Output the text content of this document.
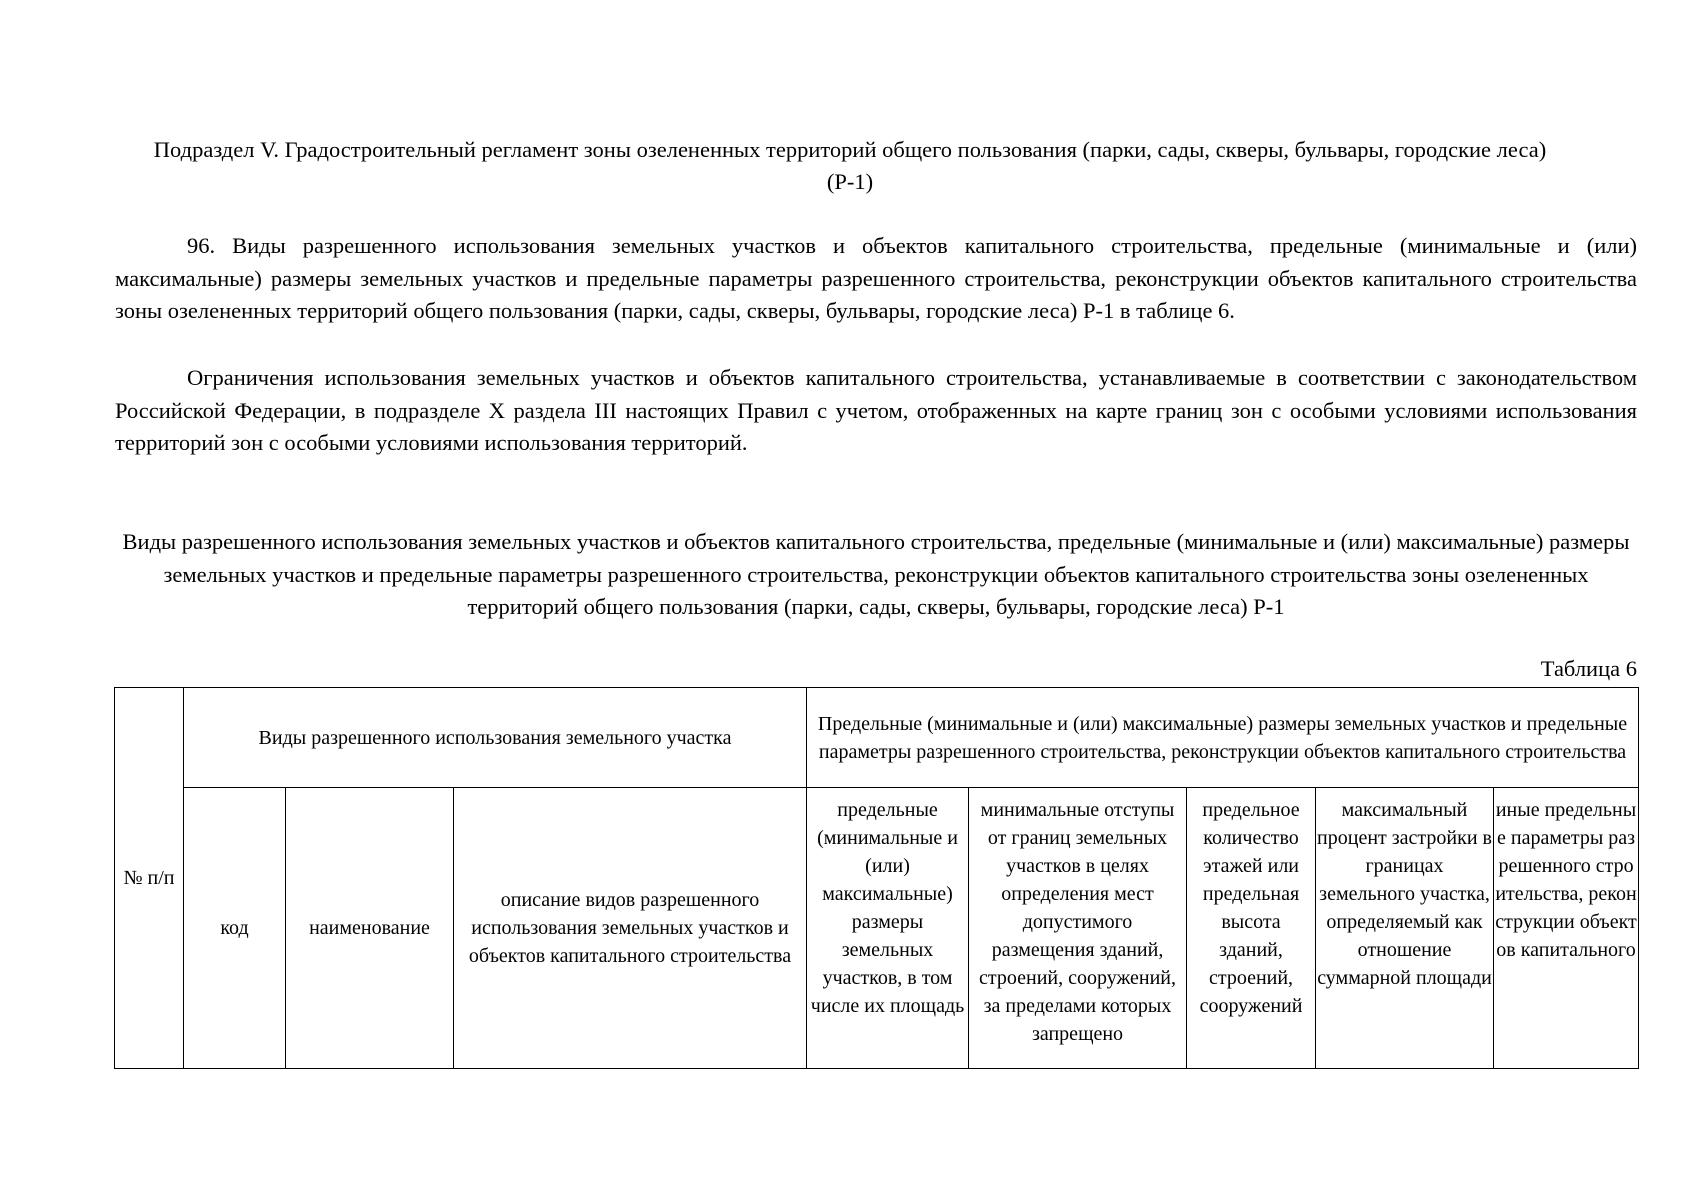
Подраздел V. Градостроительный регламент зоны озелененных территорий общего пользования (парки, сады, скверы, бульвары, городские леса) (Р-1)

96. Виды разрешенного использования земельных участков и объектов капитального строительства, предельные (минимальные и (или) максимальные) размеры земельных участков и предельные параметры разрешенного строительства, реконструкции объектов капитального строительства зоны озелененных территорий общего пользования (парки, сады, скверы, бульвары, городские леса) Р-1 в таблице 6.

Ограничения использования земельных участков и объектов капитального строительства, устанавливаемые в соответствии с законодательством Российской Федерации, в подразделе X раздела III настоящих Правил с учетом, отображенных на карте границ зон с особыми условиями использования территорий зон с особыми условиями использования территорий.

Виды разрешенного использования земельных участков и объектов капитального строительства, предельные (минимальные и (или) максимальные) размеры земельных участков и предельные параметры разрешенного строительства, реконструкции объектов капитального строительства зоны озелененных территорий общего пользования (парки, сады, скверы, бульвары, городские леса) Р-1
Таблица 6
№ п/п	Виды разрешенного использования земельного участка			Предельные (минимальные и (или) максимальные) размеры земельных участков и предельные параметры разрешенного строительства, реконструкции объектов капитального строительства				
	код	наименование	описание видов разрешенного использования земельных участков и объектов капитального строительства	предельные (минимальные и (или) максимальные) размеры земельных участков, в том числе их площадь	минимальные отступы от границ земельных участков в целях определения мест допустимого размещения зданий, строений, сооружений, за пределами которых запрещено	предельное количество этажей или предельная высота зданий, строений, сооружений	максимальный процент застройки в границах земельного участка, определяемый как отношение суммарной площади	иные предельные параметры разрешенного строительства, реконструкции объектов капитального
